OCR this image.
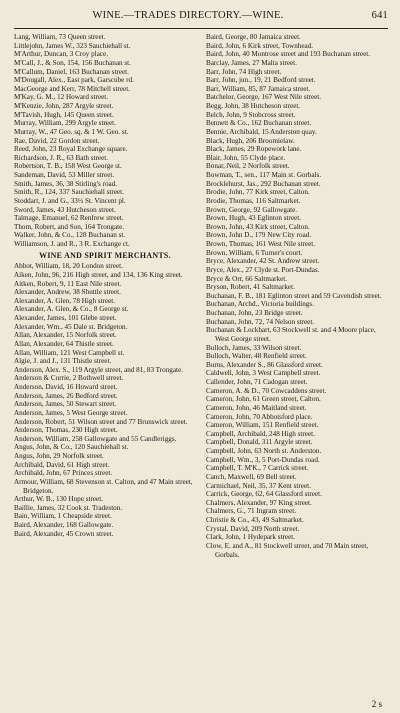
WINE.—TRADES DIRECTORY.—WINE.	641
Lang, William, 73 Queen street.
Littlejohn, James W., 323 Sauchiehall st.
M'Arthur, Duncan, 3 Croy place.
M'Call, J., & Son, 154, 156 Buchanan st.
M'Callum, Daniel, 163 Buchanan street.
M'Dougall, Alex., East park, Garscube rd.
MacGeorge and Kerr, 78 Mitchell street.
M'Kay, G. M., 12 Howard street.
M'Kenzie, John, 287 Argyle street.
M'Tavish, Hugh, 145 Queen street.
Murray, William, 299 Argyle street.
Murray, W., 47 Geo. sq. & 1 W. Geo. st.
Rae, David, 22 Gordon street.
Reed, John, 23 Royal Exchange square.
Richardson, J. R., 63 Bath street.
Robertson, T. B., 158 West George st.
Sandeman, David, 53 Miller street.
Smith, James, 36, 38 Stirling's road.
Smith, R., 124, 337 Sauchiehall street.
Stoddart, J. and G., 33½ St. Vincent pl.
Sword, James, 43 Hutcheson street.
Talmage, Emanuel, 62 Renfrew street.
Thom, Robert, and Son, 164 Trongate.
Walker, John, & Co., 128 Buchanan st.
Williamson, J. and R., 3 R. Exchange ct.
WINE AND SPIRIT MERCHANTS.
Abbot, William, 18, 20 London street.
Aiken, John, 96, 216 High street, and 134, 136 King street.
Aitken, Robert, 9, 11 East Nile street.
Alexander, Andrew, 38 Shuttle street.
Alexander, A. Glen, 78 High street.
Alexander, A. Glen, & Co., 8 George st.
Alexander, James, 101 Glebe street.
Alexander, Wm., 45 Dale st. Bridgeton.
Allan, Alexander, 15 Norfolk street.
Allan, Alexander, 64 Thistle street.
Allan, William, 121 West Campbell st.
Algie, J. and J., 131 Thistle street.
Anderson, Alex. S., 119 Argyle street, and 81, 83 Trongate.
Anderson & Currie, 2 Bothwell street.
Anderson, David, 16 Howard street.
Anderson, James, 26 Bedford street.
Anderson, James, 50 Stewart street.
Anderson, James, 5 West George street.
Anderson, Robert, 51 Wilson street and 77 Brunswick street.
Anderson, Thomas, 230 High street.
Anderson, William, 258 Gallowgate and 55 Candleriggs.
Angus, John, & Co., 120 Sauchiehall st.
Angus, John, 29 Norfolk street.
Archibald, David, 61 High street.
Archibald, John, 67 Princes street.
Armour, William, 68 Stevenson st. Calton, and 47 Main street, Bridgeton.
Arthur, W. B., 130 Hope street.
Baillie, James, 32 Cook st. Tradeston.
Bain, William, 1 Cheapside street.
Baird, Alexander, 168 Gallowgate.
Baird, Alexander, 45 Crown street.
Baird, George, 80 Jamaica street.
Baird, John, 6 Kirk street, Townhead.
Baird, John, 40 Montrose street and 193 Buchanan street.
Barclay, James, 27 Malta street.
Barr, John, 74 High street.
Barr, John, jun., 19, 21 Bedford street.
Barr, William, 85, 87 Jamaica street.
Batchelor, George, 167 West Nile street.
Begg, John, 38 Hutcheson street.
Belch, John, 9 Stobcross street.
Bennett & Co., 162 Buchanan street.
Bennie, Archibald, 15 Anderston quay.
Black, Hugh, 206 Broomielaw.
Black, James, 29 Ropework lane.
Blair, John, 55 Clyde place.
Bonar, Neil, 2 Norfolk street.
Bowman, T., sen., 117 Main st. Gorbals.
Brocklehurst, Jas., 292 Buchanan street.
Brodie, John, 77 Kirk street, Calton.
Brodie, Thomas, 116 Saltmarket.
Brown, George, 92 Gallowgate.
Brown, Hugh, 43 Eglinton street.
Brown, John, 43 Kirk street, Calton.
Brown, John D., 179 New City road.
Brown, Thomas, 161 West Nile street.
Brown, William, 6 Turner's court.
Bryce, Alexander, 42 St. Andrew street.
Bryce, Alex., 27 Clyde st. Port-Dundas.
Bryce & Orr, 66 Saltmarket.
Bryson, Robert, 41 Saltmarket.
Buchanan, F. B., 181 Eglinton street and 59 Cavendish street.
Buchanan, Archd., Victoria buildings.
Buchanan, John, 23 Bridge street.
Buchanan, John, 72, 74 Nelson street.
Buchanan & Lockhart, 63 Stockwell st. and 4 Moore place, West George street.
Bulloch, James, 33 Wilson street.
Bulloch, Walter, 48 Renfield street.
Burns, Alexander S., 86 Glassford street.
Caldwell, John, 3 West Campbell street.
Callender, John, 71 Cadogan street.
Cameron, A. & D., 70 Cowcaddens street.
Cameron, John, 61 Green street, Calton.
Cameron, John, 46 Maitland street.
Cameron, John, 70 Abbotsford place.
Cameron, William, 151 Renfield street.
Campbell, Archibald, 248 High street.
Campbell, Donald, 311 Argyle street.
Campbell, John, 63 North st. Anderston.
Campbell, Wm., 3, 5 Port-Dundas road.
Campbell, T. M'K., 7 Carrick street.
Canch, Maxwell, 69 Bell street.
Carmichael, Neil, 35, 37 Kent street.
Carrick, George, 62, 64 Glassford street.
Chalmers, Alexander, 97 King street.
Chalmers, G., 71 Ingram street.
Christie & Co., 43, 49 Saltmarket.
Crystal, David, 209 North street.
Clark, John, 1 Hydepark street.
Clow, E. and A., 81 Stockwell street, and 70 Main street, Gorbals.
2 s
